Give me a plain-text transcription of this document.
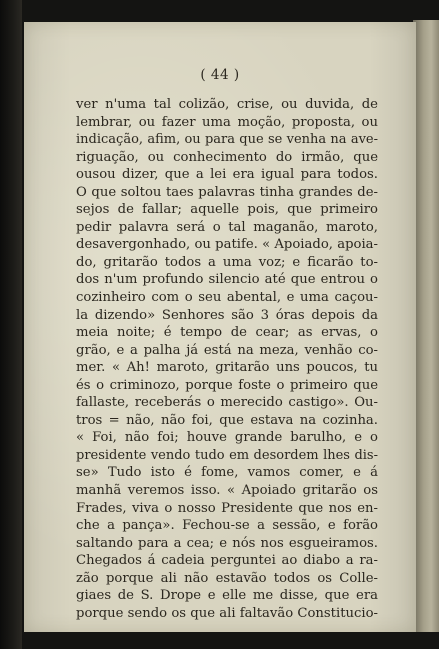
( 44 )
ver n'uma tal colizão, crise, ou duvida, de
lembrar, ou fazer uma moção, proposta, ou
indicação, afim, ou para que se venha na ave-
riguação, ou conhecimento do irmão, que
ousou dizer, que a lei era igual para todos.
O que soltou taes palavras tinha grandes de-
sejos de fallar; aquelle pois, que primeiro
pedir palavra será o tal maganão, maroto,
desavergonhado, ou patife. « Apoiado, apoia-
do, gritarão todos a uma voz; e ficarão to-
dos n'um profundo silencio até que entrou o
cozinheiro com o seu abental, e uma caçou-
la dizendo» Senhores são 3 óras depois da
meia noite; é tempo de cear; as ervas, o
grão, e a palha já está na meza, venhão co-
mer. « Ah! maroto, gritarão uns poucos, tu
és o criminozo, porque foste o primeiro que
fallaste, receberás o merecido castigo». Ou-
tros = não, não foi, que estava na cozinha.
« Foi, não foi; houve grande barulho, e o
presidente vendo tudo em desordem lhes dis-
se» Tudo isto é fome, vamos comer, e á
manhã veremos isso. « Apoiado gritarão os
Frades, viva o nosso Presidente que nos en-
che a pança». Fechou-se a sessão, e forão
saltando para a cea; e nós nos esgueiramos.
Chegados á cadeia perguntei ao diabo a ra-
zão porque ali não estavão todos os Colle-
giaes de S. Drope e elle me disse, que era
porque sendo os que ali faltavão Constitucio-
